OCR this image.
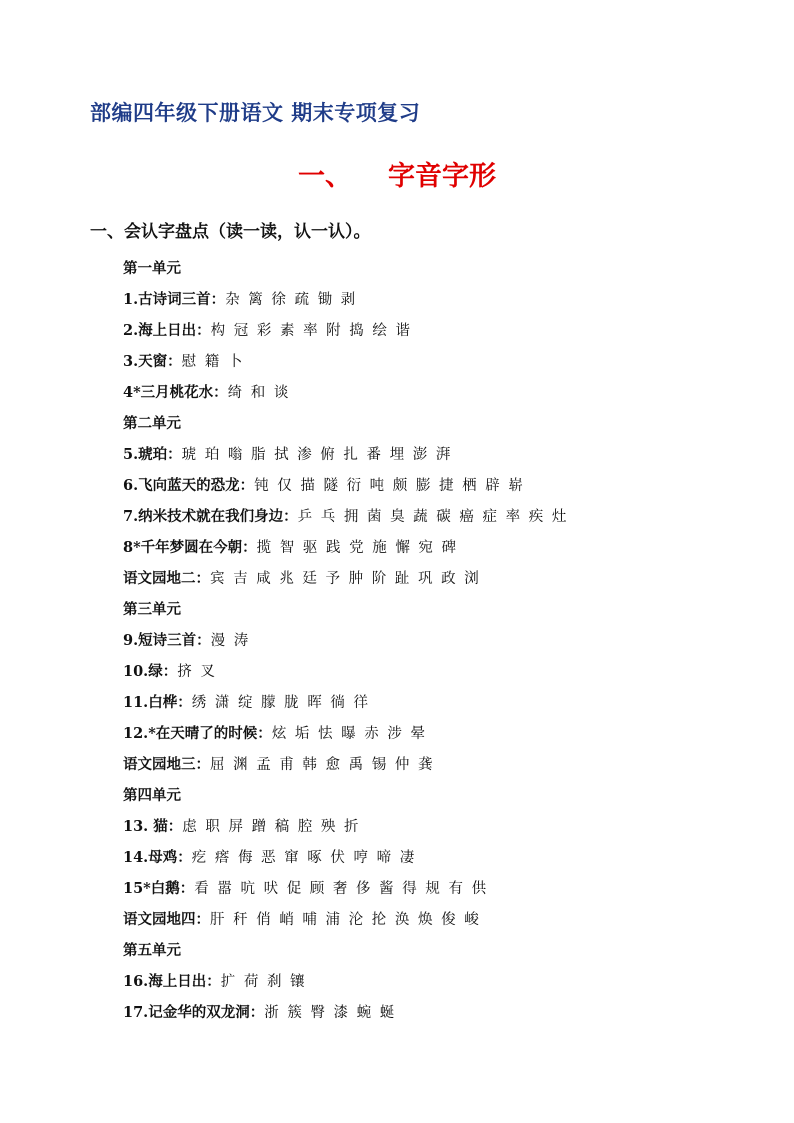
部编四年级下册语文 期末专项复习
一、 字音字形
一、会认字盘点（读一读，认一认）。
第一单元
1.古诗词三首：杂 篱 徐 疏 锄 剥
2.海上日出：构 冠 彩 素 率 附 捣 绘 谐
3.天窗：慰 籍 卜
4*三月桃花水：绮 和 谈
第二单元
5.琥珀：琥 珀 嗡 脂 拭 渗 俯 扎 番 埋 澎 湃
6.飞向蓝天的恐龙：钝 仅 描 隧 衍 吨 颇 膨 捷 栖 辟 崭
7.纳米技术就在我们身边：乒 乓 拥 菌 臭 蔬 碳 癌 症 率 疾 灶
8*千年梦圆在今朝：揽 智 驱 践 党 施 懈 宛 碑
语文园地二：宾 吉 咸 兆 廷 予 肿 阶 趾 巩 政 浏
第三单元
9.短诗三首：漫 涛
10.绿：挤 叉
11.白桦：绣 潇 绽 朦 胧 晖 徜 徉
12.*在天晴了的时候：炫 垢 怯 曝 赤 涉 晕
语文园地三：屈 渊 孟 甫 韩 愈 禹 锡 仲 龚
第四单元
13. 猫：虑 职 屏 蹭 稿 腔 殃 折
14.母鸡：疙 瘩 侮 恶 窜 啄 伏 哼 啼 凄
15*白鹅：看 嚣 吭 吠 促 顾 奢 侈 酱 得 规 有 供
语文园地四：肝 秆 俏 峭 哺 浦 沦 抡 涣 焕 俊 峻
第五单元
16.海上日出：扩 荷 刹 镶
17.记金华的双龙洞：浙 簇 臀 漆 蜿 蜒
